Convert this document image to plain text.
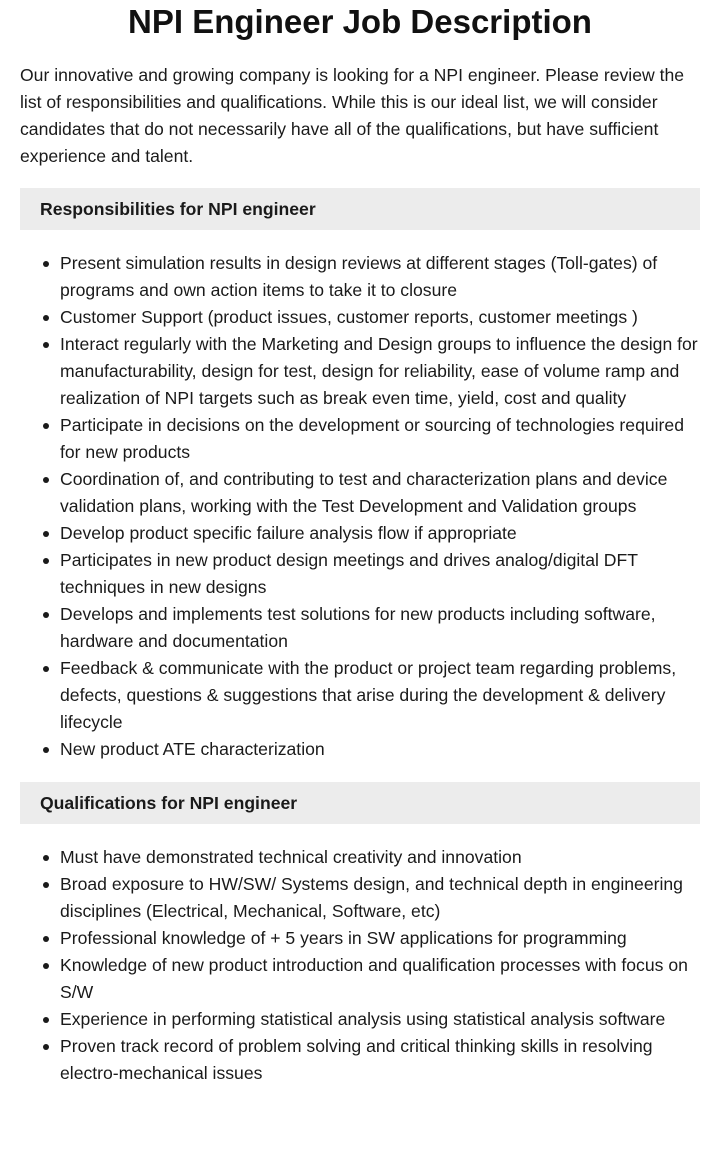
NPI Engineer Job Description

Our innovative and growing company is looking for a NPI engineer. Please review the list of responsibilities and qualifications. While this is our ideal list, we will consider candidates that do not necessarily have all of the qualifications, but have sufficient experience and talent.

Responsibilities for NPI engineer
Present simulation results in design reviews at different stages (Toll-gates) of programs and own action items to take it to closure
Customer Support (product issues, customer reports, customer meetings )
Interact regularly with the Marketing and Design groups to influence the design for manufacturability, design for test, design for reliability, ease of volume ramp and realization of NPI targets such as break even time, yield, cost and quality
Participate in decisions on the development or sourcing of technologies required for new products
Coordination of, and contributing to test and characterization plans and device validation plans, working with the Test Development and Validation groups
Develop product specific failure analysis flow if appropriate
Participates in new product design meetings and drives analog/digital DFT techniques in new designs
Develops and implements test solutions for new products including software, hardware and documentation
Feedback & communicate with the product or project team regarding problems, defects, questions & suggestions that arise during the development & delivery lifecycle
New product ATE characterization
Qualifications for NPI engineer
Must have demonstrated technical creativity and innovation
Broad exposure to HW/SW/ Systems design, and technical depth in engineering disciplines (Electrical, Mechanical, Software, etc)
Professional knowledge of + 5 years in SW applications for programming
Knowledge of new product introduction and qualification processes with focus on S/W
Experience in performing statistical analysis using statistical analysis software
Proven track record of problem solving and critical thinking skills in resolving electro-mechanical issues
